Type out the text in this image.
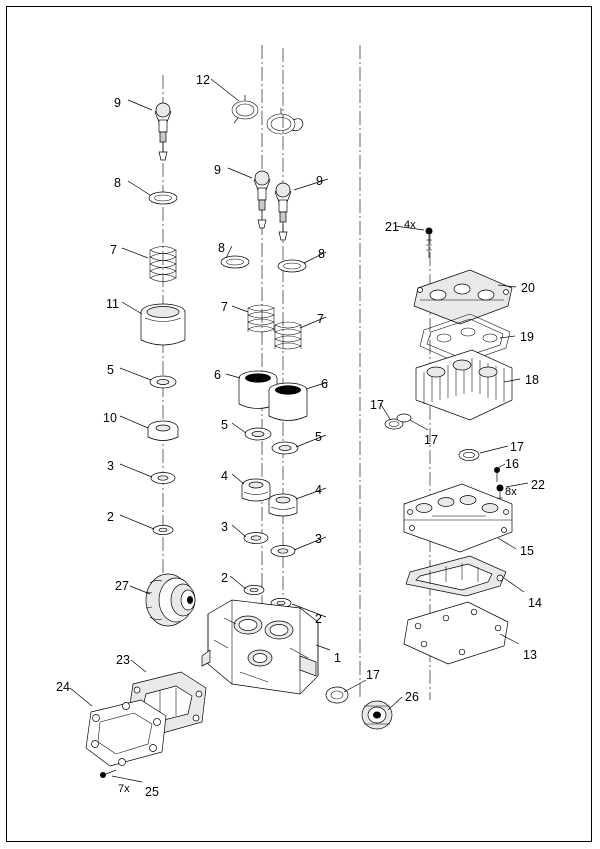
1
2
2
2
3
3
3
4
4
5
5
5
6
6
7
7
7
8
8	8
9
9
9
10
11
12
13
14
15
16
17
17	17
17
18
19
20
21
22
23
24
25
26
27
4x
8x
7x
